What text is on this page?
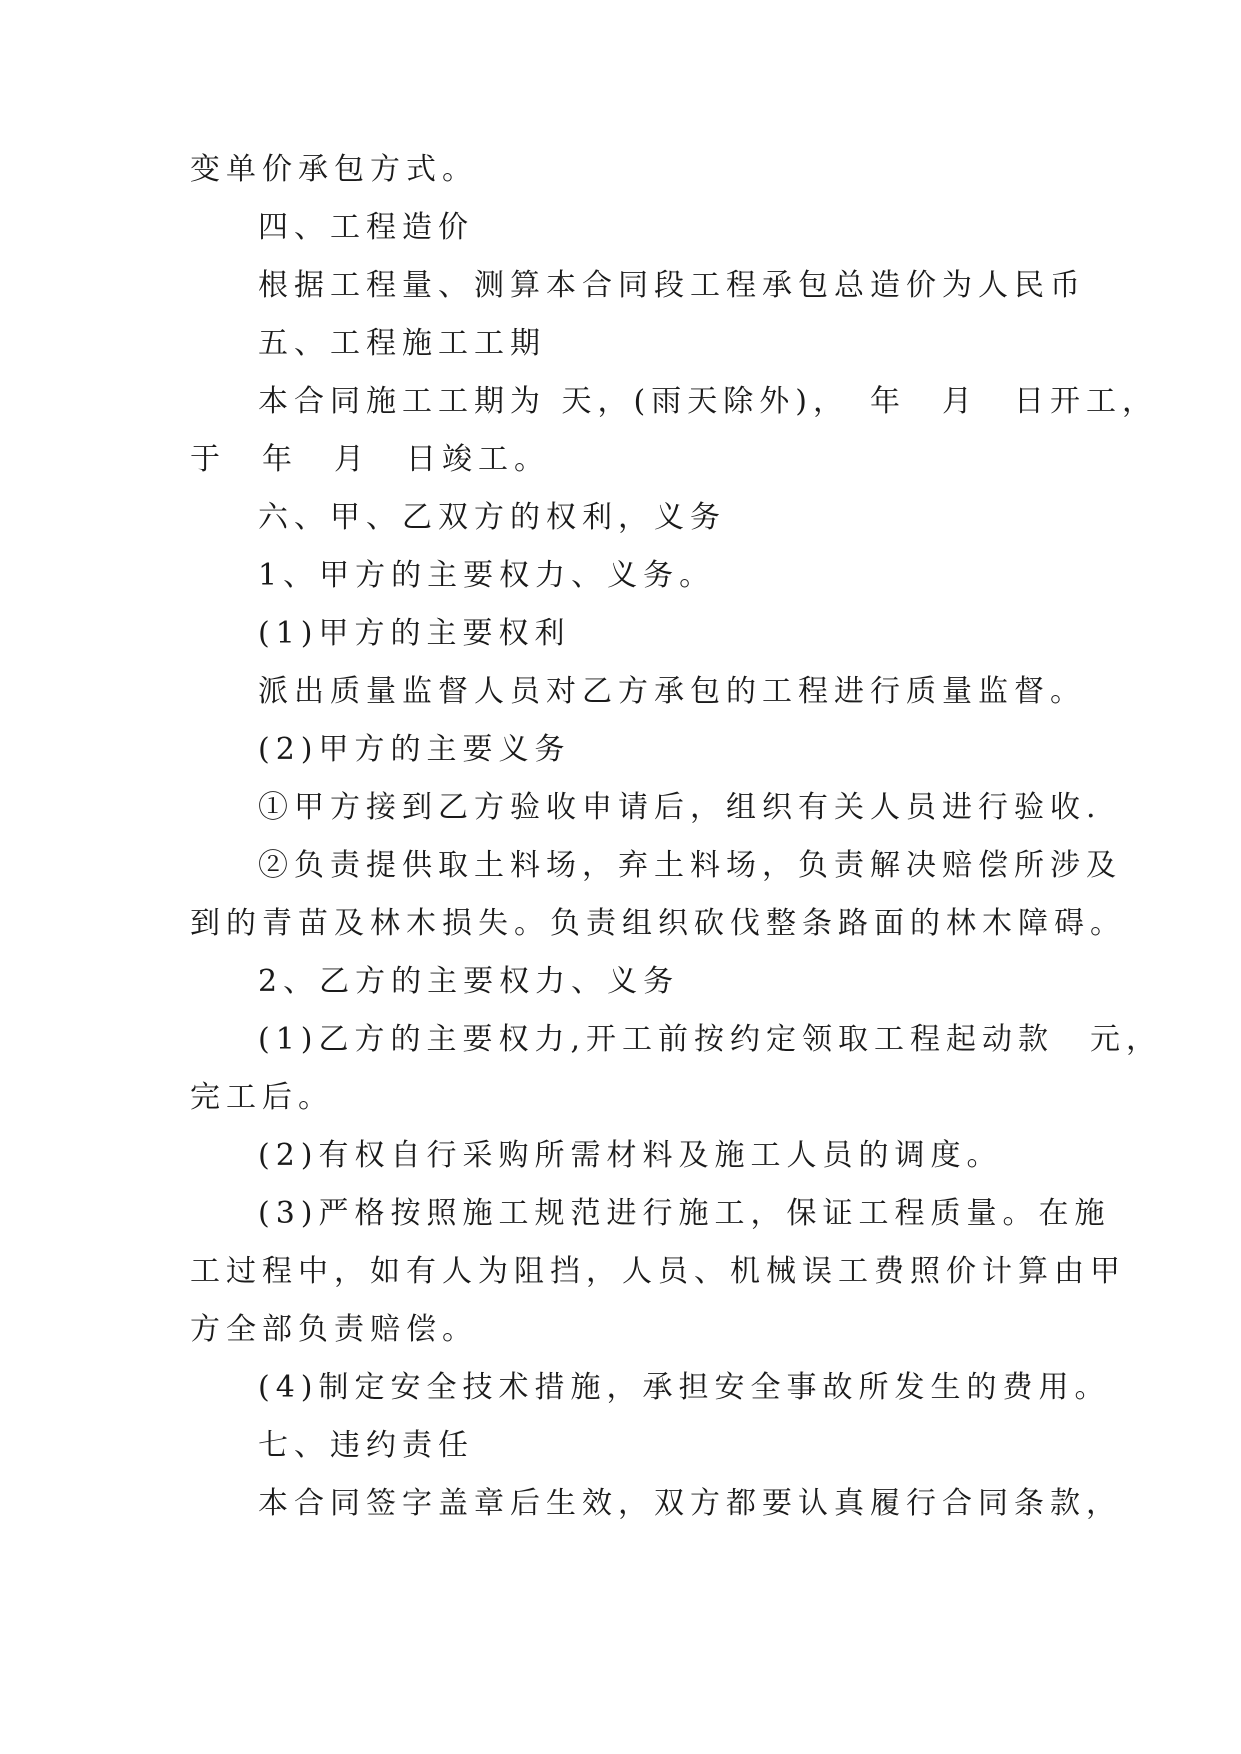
变单价承包方式。
四、工程造价
根据工程量、测算本合同段工程承包总造价为人民币
五、工程施工工期
本合同施工工期为 天，(雨天除外)，　年　月　日开工，
于　年　月　日竣工。
六、甲、乙双方的权利，义务
1、甲方的主要权力、义务。
(1)甲方的主要权利
派出质量监督人员对乙方承包的工程进行质量监督。
(2)甲方的主要义务
①甲方接到乙方验收申请后，组织有关人员进行验收.
②负责提供取土料场，弃土料场，负责解决赔偿所涉及
到的青苗及林木损失。负责组织砍伐整条路面的林木障碍。
2、乙方的主要权力、义务
(1)乙方的主要权力,开工前按约定领取工程起动款　元，
完工后。
(2)有权自行采购所需材料及施工人员的调度。
(3)严格按照施工规范进行施工，保证工程质量。在施
工过程中，如有人为阻挡，人员、机械误工费照价计算由甲
方全部负责赔偿。
(4)制定安全技术措施，承担安全事故所发生的费用。
七、违约责任
本合同签字盖章后生效，双方都要认真履行合同条款，
